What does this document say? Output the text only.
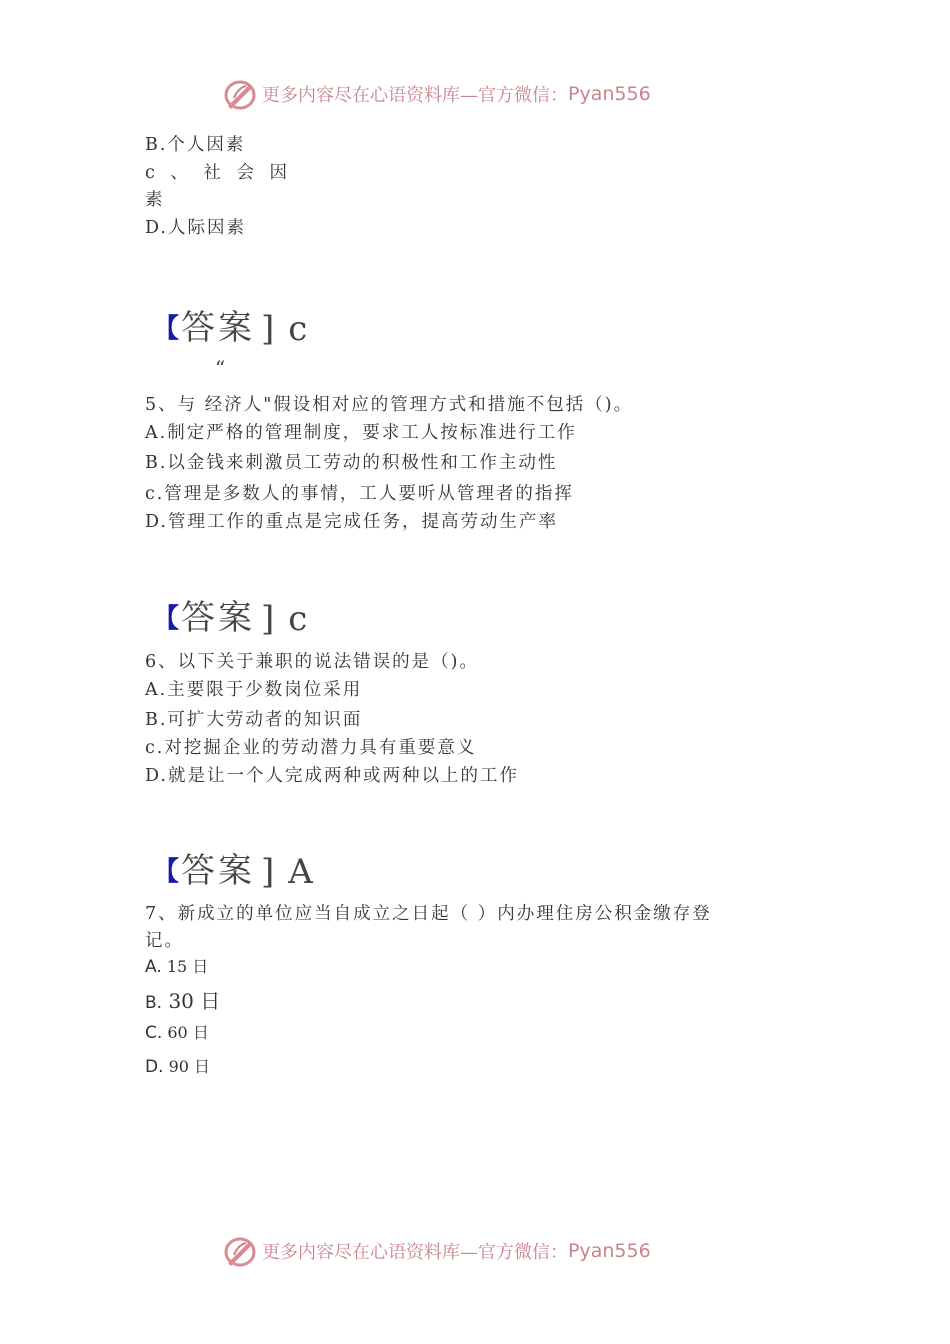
更多内容尽在心语资料库—官方微信： Pyan556
B.个人因素
c 、 社 会 因
素
D.人际因素
【 答案 ] c
“
5、与 经济人"假设相对应的管理方式和措施不包括（)。
A.制定严格的管理制度，要求工人按标准进行工作
B.以金钱来刺激员工劳动的积极性和工作主动性
c.管理是多数人的事情，工人要听从管理者的指挥
D.管理工作的重点是完成任务，提高劳动生产率
【 答案 ] c
6、以下关于兼职的说法错误的是（)。
A.主要限于少数岗位采用
B.可扩大劳动者的知识面
c.对挖掘企业的劳动潜力具有重要意义
D.就是让一个人完成两种或两种以上的工作
【 答案 ] A
7、新成立的单位应当自成立之日起（ ）内办理住房公积金缴存登
记。
A. 15 日
B. 30 日
C. 60 日
D. 90 日
更多内容尽在心语资料库—官方微信： Pyan556
